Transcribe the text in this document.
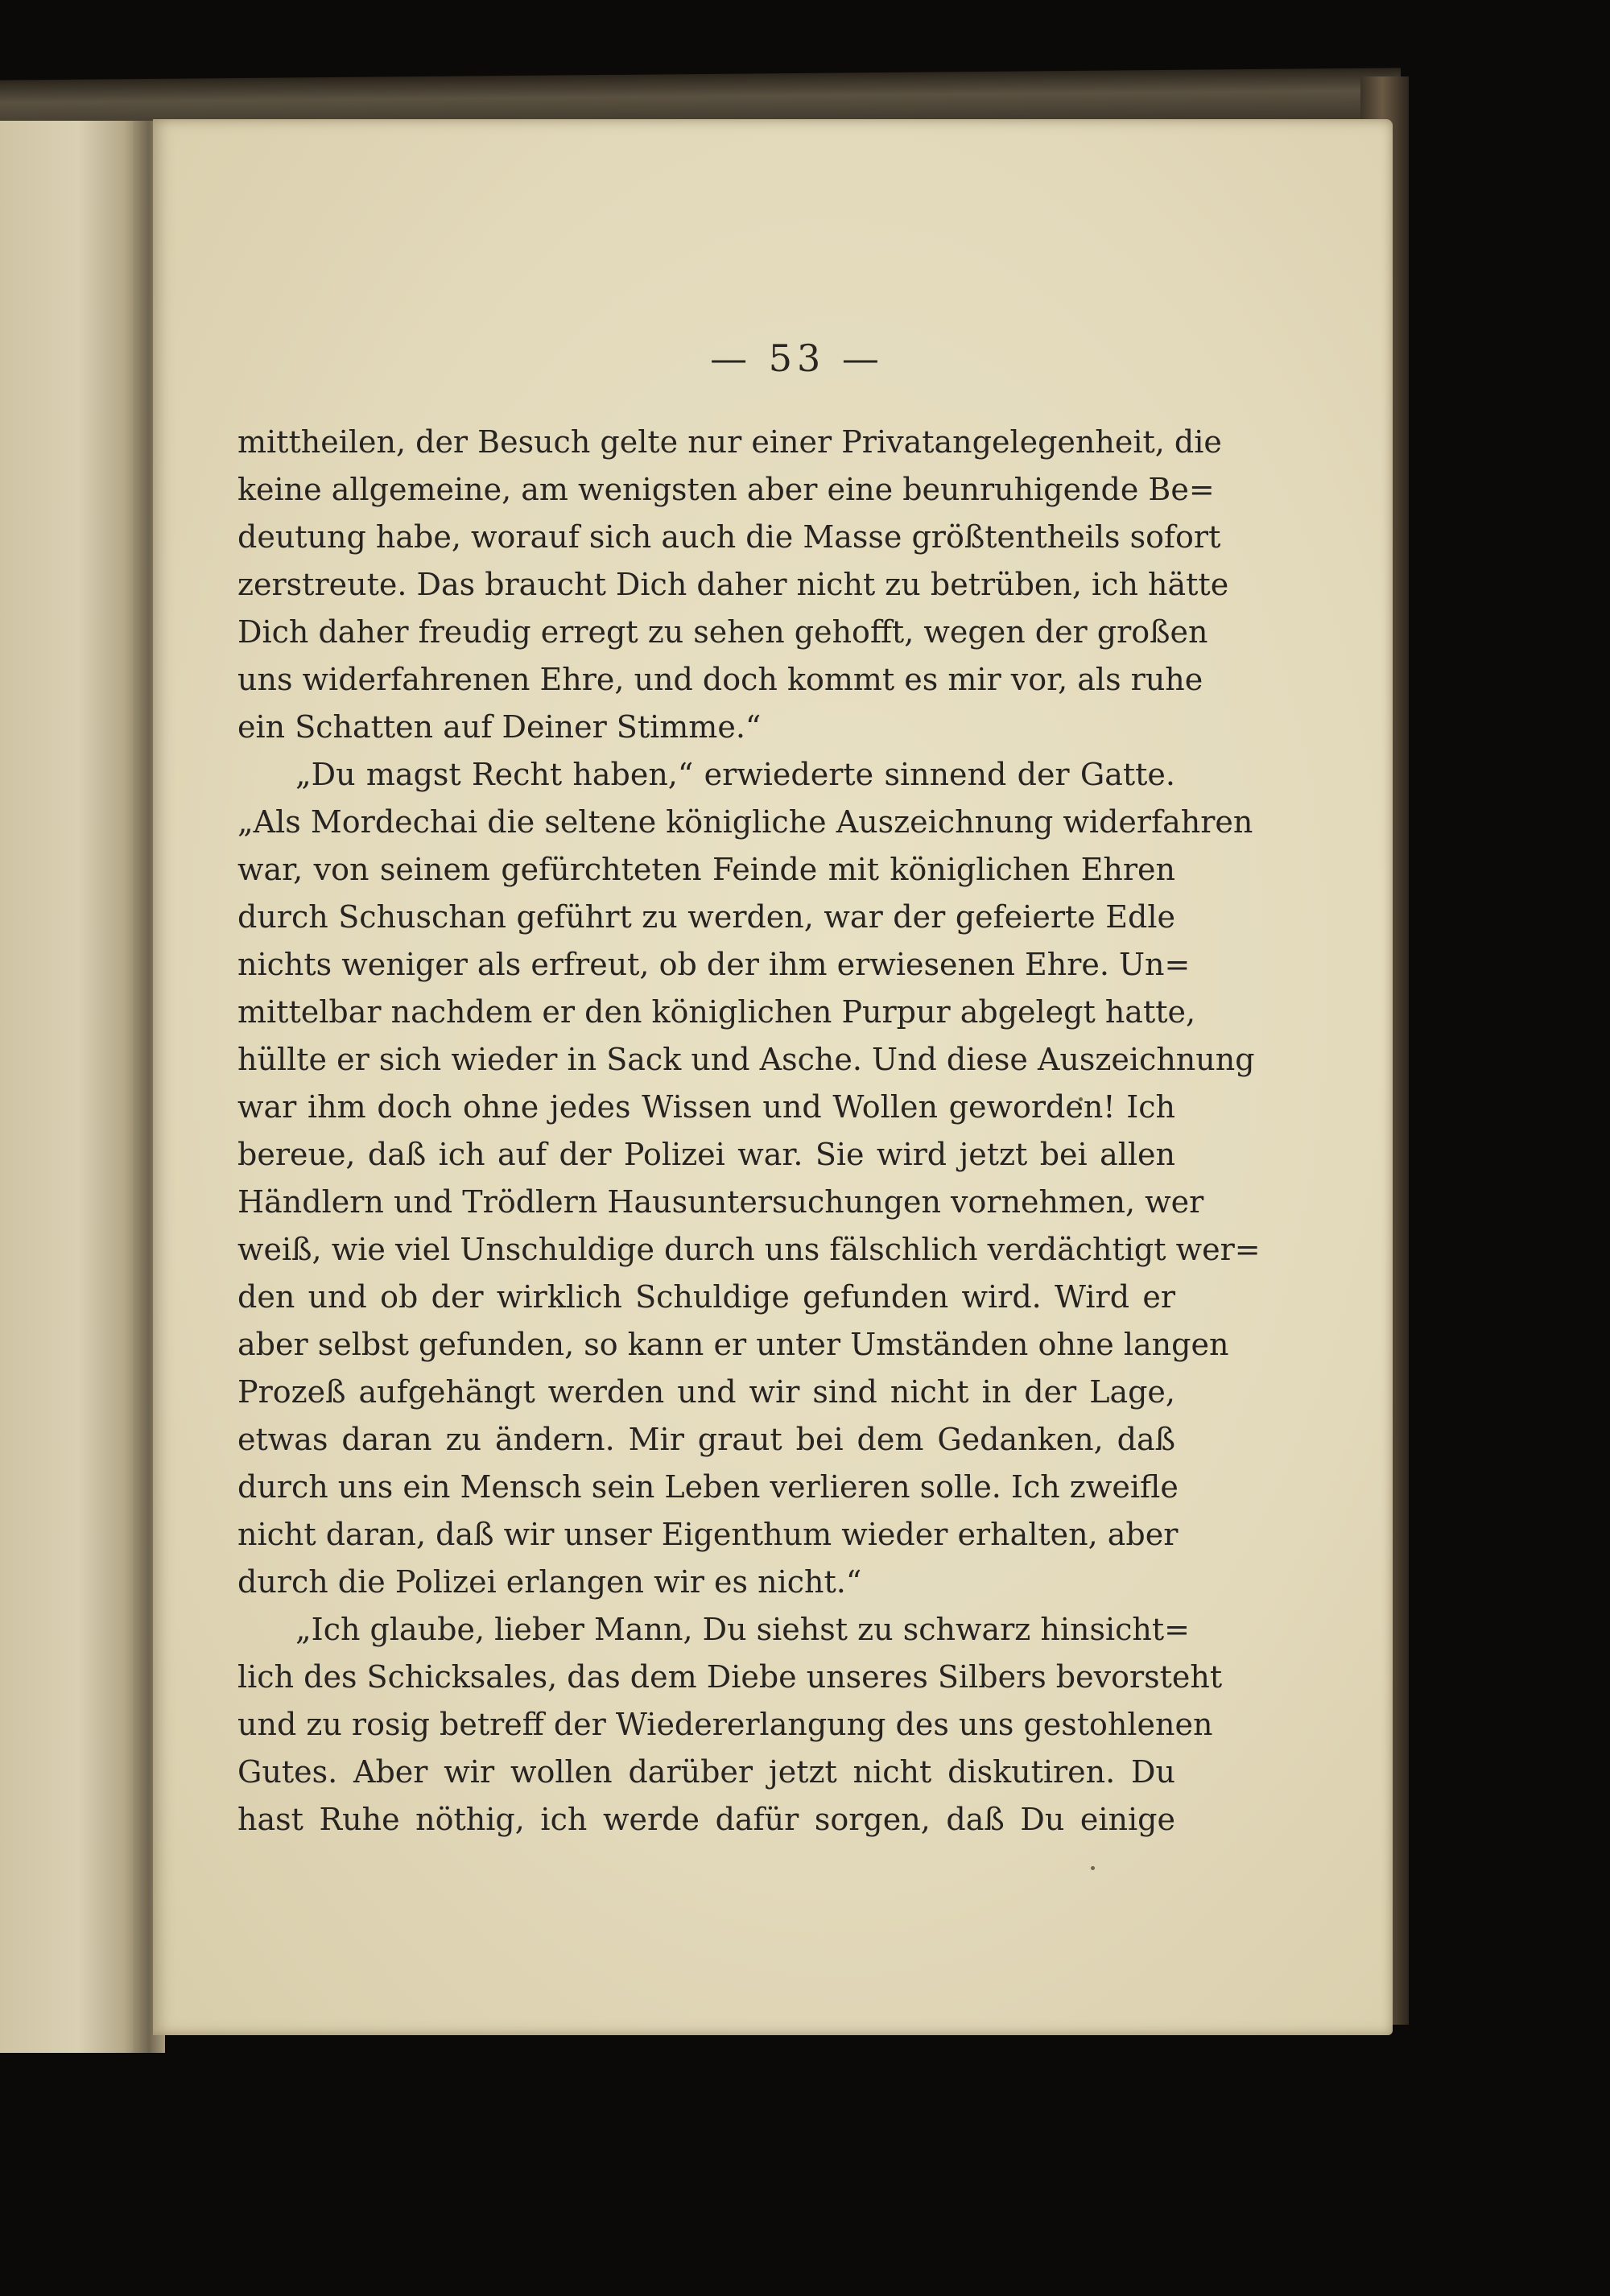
— 53 —
mittheilen, der Besuch gelte nur einer Privatangelegenheit, die
keine allgemeine, am wenigsten aber eine beunruhigende Be=
deutung habe, worauf sich auch die Masse größtentheils sofort
zerstreute. Das braucht Dich daher nicht zu betrüben, ich hätte
Dich daher freudig erregt zu sehen gehofft, wegen der großen
uns widerfahrenen Ehre, und doch kommt es mir vor, als ruhe
ein Schatten auf Deiner Stimme.“
„Du magst Recht haben,“ erwiederte sinnend der Gatte.
„Als Mordechai die seltene königliche Auszeichnung widerfahren
war, von seinem gefürchteten Feinde mit königlichen Ehren
durch Schuschan geführt zu werden, war der gefeierte Edle
nichts weniger als erfreut, ob der ihm erwiesenen Ehre. Un=
mittelbar nachdem er den königlichen Purpur abgelegt hatte,
hüllte er sich wieder in Sack und Asche. Und diese Auszeichnung
war ihm doch ohne jedes Wissen und Wollen geworden! Ich
bereue, daß ich auf der Polizei war. Sie wird jetzt bei allen
Händlern und Trödlern Hausuntersuchungen vornehmen, wer
weiß, wie viel Unschuldige durch uns fälschlich verdächtigt wer=
den und ob der wirklich Schuldige gefunden wird. Wird er
aber selbst gefunden, so kann er unter Umständen ohne langen
Prozeß aufgehängt werden und wir sind nicht in der Lage,
etwas daran zu ändern. Mir graut bei dem Gedanken, daß
durch uns ein Mensch sein Leben verlieren solle. Ich zweifle
nicht daran, daß wir unser Eigenthum wieder erhalten, aber
durch die Polizei erlangen wir es nicht.“
„Ich glaube, lieber Mann, Du siehst zu schwarz hinsicht=
lich des Schicksales, das dem Diebe unseres Silbers bevorsteht
und zu rosig betreff der Wiedererlangung des uns gestohlenen
Gutes. Aber wir wollen darüber jetzt nicht diskutiren. Du
hast Ruhe nöthig, ich werde dafür sorgen, daß Du einige
